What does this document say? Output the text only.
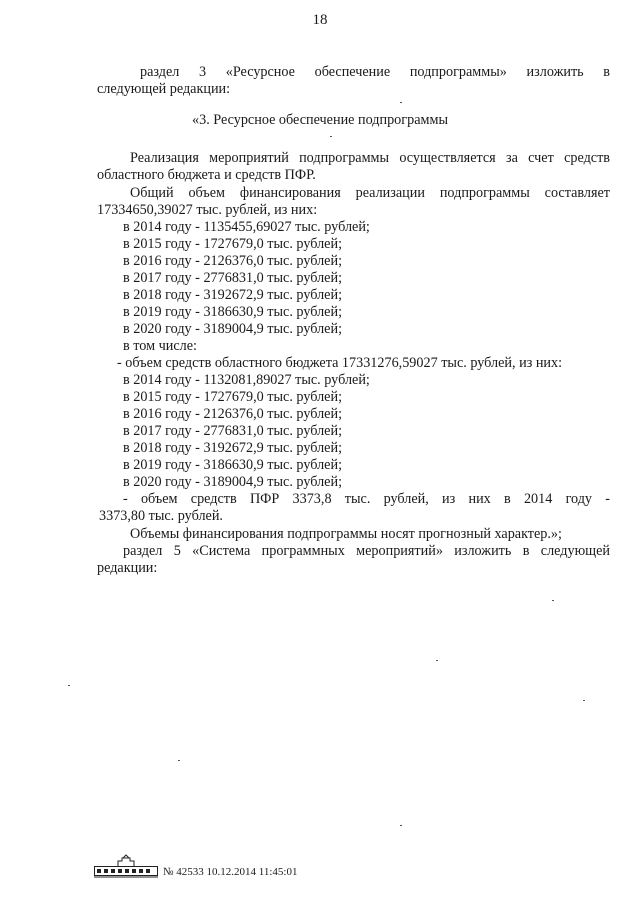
18
раздел 3 «Ресурсное обеспечение подпрограммы» изложить в
следующей редакции:
«3. Ресурсное обеспечение подпрограммы
Реализация мероприятий подпрограммы осуществляется за счет средств
областного бюджета и средств ПФР.
Общий объем финансирования реализации подпрограммы составляет
17334650,39027 тыс. рублей, из них:
в 2014 году - 1135455,69027 тыс. рублей;
в 2015 году - 1727679,0 тыс. рублей;
в 2016 году - 2126376,0 тыс. рублей;
в 2017 году - 2776831,0 тыс. рублей;
в 2018 году - 3192672,9 тыс. рублей;
в 2019 году - 3186630,9 тыс. рублей;
в 2020 году - 3189004,9 тыс. рублей;
в том числе:
- объем средств областного бюджета 17331276,59027 тыс. рублей, из них:
в 2014 году - 1132081,89027 тыс. рублей;
в 2015 году - 1727679,0 тыс. рублей;
в 2016 году - 2126376,0 тыс. рублей;
в 2017 году - 2776831,0 тыс. рублей;
в 2018 году - 3192672,9 тыс. рублей;
в 2019 году - 3186630,9 тыс. рублей;
в 2020 году - 3189004,9 тыс. рублей;
- объем средств ПФР 3373,8 тыс. рублей, из них в 2014 году -
3373,80 тыс. рублей.
Объемы финансирования подпрограммы носят прогнозный характер.»;
раздел 5 «Система программных мероприятий» изложить в следующей
редакции:
№ 42533 10.12.2014 11:45:01
